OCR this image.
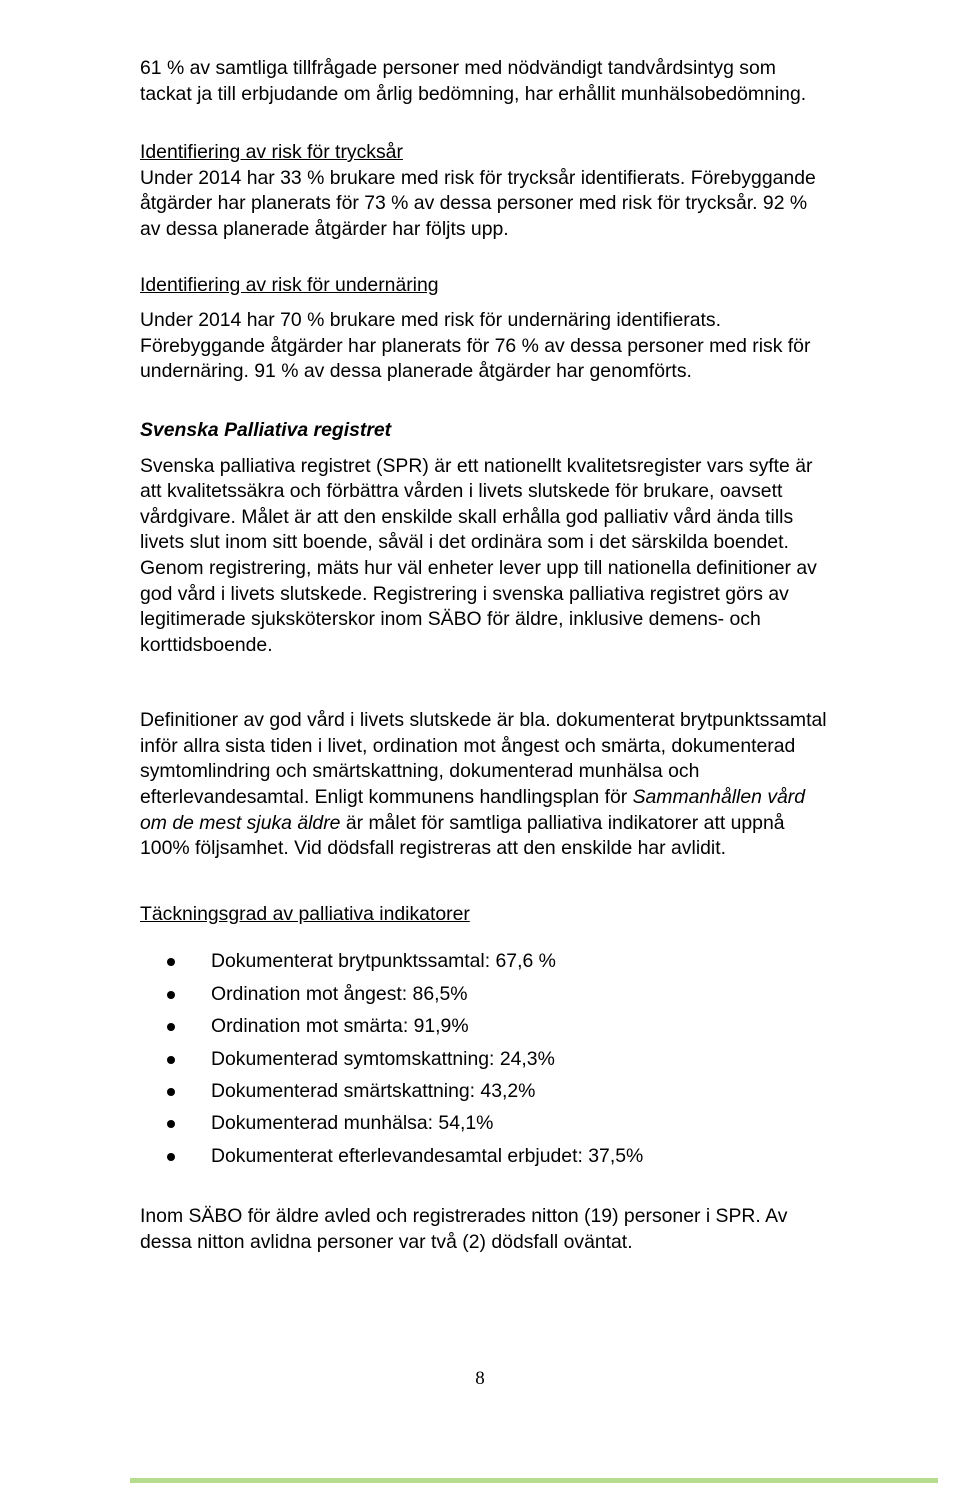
61 % av samtliga tillfrågade personer med nödvändigt tandvårdsintyg som tackat ja till erbjudande om årlig bedömning, har erhållit munhälsobedömning.

Identifiering av risk för trycksår

Under 2014 har 33 % brukare med risk för trycksår identifierats. Förebyggande åtgärder har planerats för 73 % av dessa personer med risk för trycksår. 92 % av dessa planerade åtgärder har följts upp.

Identifiering av risk för undernäring

Under 2014 har 70 % brukare med risk för undernäring identifierats. Förebyggande åtgärder har planerats för 76 % av dessa personer med risk för undernäring. 91 % av dessa planerade åtgärder har genomförts.

Svenska Palliativa registret

Svenska palliativa registret (SPR) är ett nationellt kvalitetsregister vars syfte är att kvalitetssäkra och förbättra vården i livets slutskede för brukare, oavsett vårdgivare. Målet är att den enskilde skall erhålla god palliativ vård ända tills livets slut inom sitt boende, såväl i det ordinära som i det särskilda boendet. Genom registrering, mäts hur väl enheter lever upp till nationella definitioner av god vård i livets slutskede. Registrering i svenska palliativa registret görs av legitimerade sjuksköterskor inom SÄBO för äldre, inklusive demens- och korttidsboende.

Definitioner av god vård i livets slutskede är bla. dokumenterat brytpunktssamtal inför allra sista tiden i livet, ordination mot ångest och smärta, dokumenterad symtomlindring och smärtskattning, dokumenterad munhälsa och efterlevandesamtal. Enligt kommunens handlingsplan för Sammanhållen vård om de mest sjuka äldre är målet för samtliga palliativa indikatorer att uppnå 100% följsamhet. Vid dödsfall registreras att den enskilde har avlidit.

Täckningsgrad av palliativa indikatorer

Dokumenterat brytpunktssamtal: 67,6 %
Ordination mot ångest: 86,5%
Ordination mot smärta: 91,9%
Dokumenterad symtomskattning: 24,3%
Dokumenterad smärtskattning: 43,2%
Dokumenterad munhälsa: 54,1%
Dokumenterat efterlevandesamtal erbjudet: 37,5%

Inom SÄBO för äldre avled och registrerades nitton (19) personer i SPR. Av dessa nitton avlidna personer var två (2) dödsfall oväntat.

8
